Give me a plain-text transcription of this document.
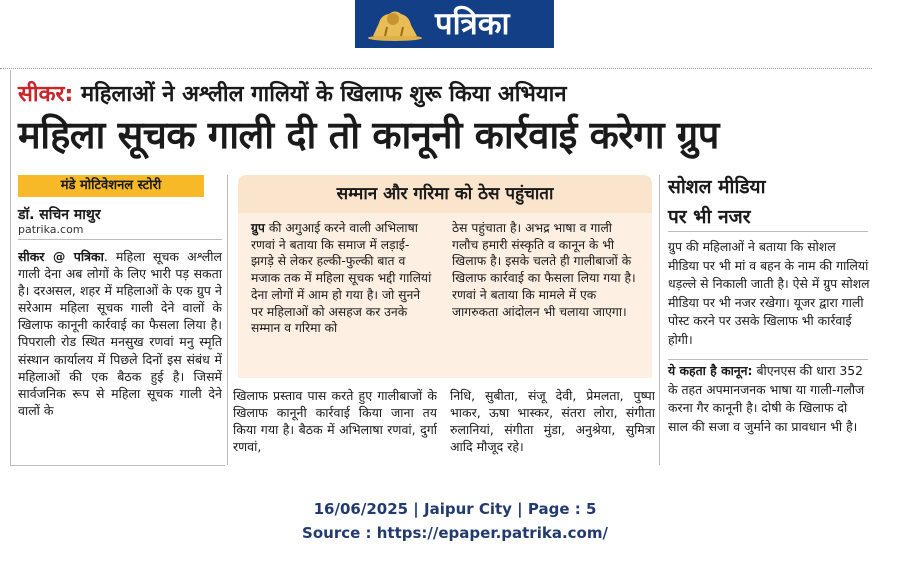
पत्रिका
सीकर: महिलाओं ने अश्लील गालियों के खिलाफ शुरू किया अभियान
महिला सूचक गाली दी तो कानूनी कार्रवाई करेगा ग्रुप
मंडे मोटिवेशनल स्टोरी
डॉ. सचिन माथुर
patrika.com
सीकर @ पत्रिका. महिला सूचक अश्लील गाली देना अब लोगों के लिए भारी पड़ सकता है। दरअसल, शहर में महिलाओं के एक ग्रुप ने सरेआम महिला सूचक गाली देने वालों के खिलाफ कानूनी कार्रवाई का फैसला लिया है। पिपराली रोड स्थित मनसुख रणवां मनु स्मृति संस्थान कार्यालय में पिछले दिनों इस संबंध में महिलाओं की एक बैठक हुई है। जिसमें सार्वजनिक रूप से महिला सूचक गाली देने वालों के
सम्मान और गरिमा को ठेस पहुंचाता
ग्रुप की अगुआई करने वाली अभिलाषा रणवां ने बताया कि समाज में लड़ाई- झगड़े से लेकर हल्की-फुल्की बात व मजाक तक में महिला सूचक भद्दी गालियां देना लोगों में आम हो गया है। जो सुनने पर महिलाओं को असहज कर उनके सम्मान व गरिमा को
ठेस पहुंचाता है। अभद्र भाषा व गाली गलौच हमारी संस्कृति व कानून के भी खिलाफ है। इसके चलते ही गालीबाजों के खिलाफ कार्रवाई का फैसला लिया गया है। रणवां ने बताया कि मामले में एक जागरुकता आंदोलन भी चलाया जाएगा।
खिलाफ प्रस्ताव पास करते हुए गालीबाजों के खिलाफ कानूनी कार्रवाई किया जाना तय किया गया है। बैठक में अभिलाषा रणवां, दुर्गा रणवां,
निधि, सुबीता, संजू देवी, प्रेमलता, पुष्पा भाकर, ऊषा भास्कर, संतरा लोरा, संगीता रुलानियां, संगीता मुंडा, अनुश्रेया, सुमित्रा आदि मौजूद रहे।
सोशल मीडिया
पर भी नजर
ग्रुप की महिलाओं ने बताया कि सोशल मीडिया पर भी मां व बहन के नाम की गालियां धड़ल्ले से निकाली जाती है। ऐसे में ग्रुप सोशल मीडिया पर भी नजर रखेगा। यूजर द्वारा गाली पोस्ट करने पर उसके खिलाफ भी कार्रवाई होगी।
ये कहता है कानून: बीएनएस की धारा 352 के तहत अपमानजनक भाषा या गाली-गलौज करना गैर कानूनी है। दोषी के खिलाफ दो साल की सजा व जुर्माने का प्रावधान भी है।
16/06/2025 | Jaipur City | Page : 5
Source : https://epaper.patrika.com/
